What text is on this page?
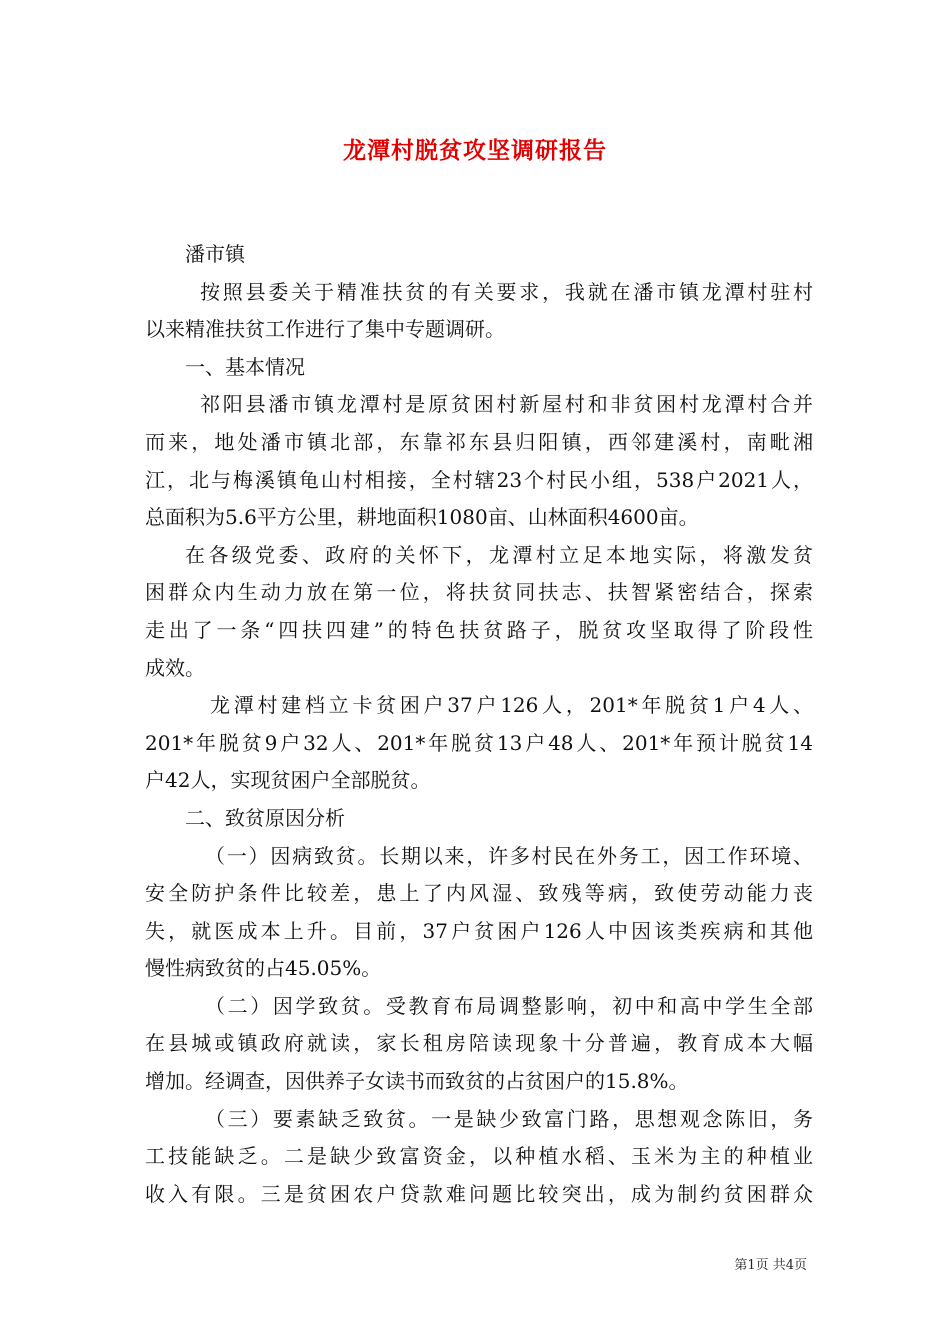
龙潭村脱贫攻坚调研报告
潘市镇
按照县委关于精准扶贫的有关要求，我就在潘市镇龙潭村驻村
以来精准扶贫工作进行了集中专题调研。
一、基本情况
祁阳县潘市镇龙潭村是原贫困村新屋村和非贫困村龙潭村合并
而来，地处潘市镇北部，东靠祁东县归阳镇，西邻建溪村，南毗湘
江，北与梅溪镇龟山村相接，全村辖23个村民小组，538户2021人，
总面积为5.6平方公里，耕地面积1080亩、山林面积4600亩。
在各级党委、政府的关怀下，龙潭村立足本地实际，将激发贫
困群众内生动力放在第一位，将扶贫同扶志、扶智紧密结合，探索
走出了一条“四扶四建”的特色扶贫路子，脱贫攻坚取得了阶段性
成效。
龙潭村建档立卡贫困户37户126人，201*年脱贫1户4人、
201*年脱贫9户32人、201*年脱贫13户48人、201*年预计脱贫14
户42人，实现贫困户全部脱贫。
二、致贫原因分析
（一）因病致贫。长期以来，许多村民在外务工，因工作环境、
安全防护条件比较差，患上了内风湿、致残等病，致使劳动能力丧
失，就医成本上升。目前，37户贫困户126人中因该类疾病和其他
慢性病致贫的占45.05%。
（二）因学致贫。受教育布局调整影响，初中和高中学生全部
在县城或镇政府就读，家长租房陪读现象十分普遍，教育成本大幅
增加。经调查，因供养子女读书而致贫的占贫困户的15.8%。
（三）要素缺乏致贫。一是缺少致富门路，思想观念陈旧，务
工技能缺乏。二是缺少致富资金，以种植水稻、玉米为主的种植业
收入有限。三是贫困农户贷款难问题比较突出，成为制约贫困群众
第1页 共4页
